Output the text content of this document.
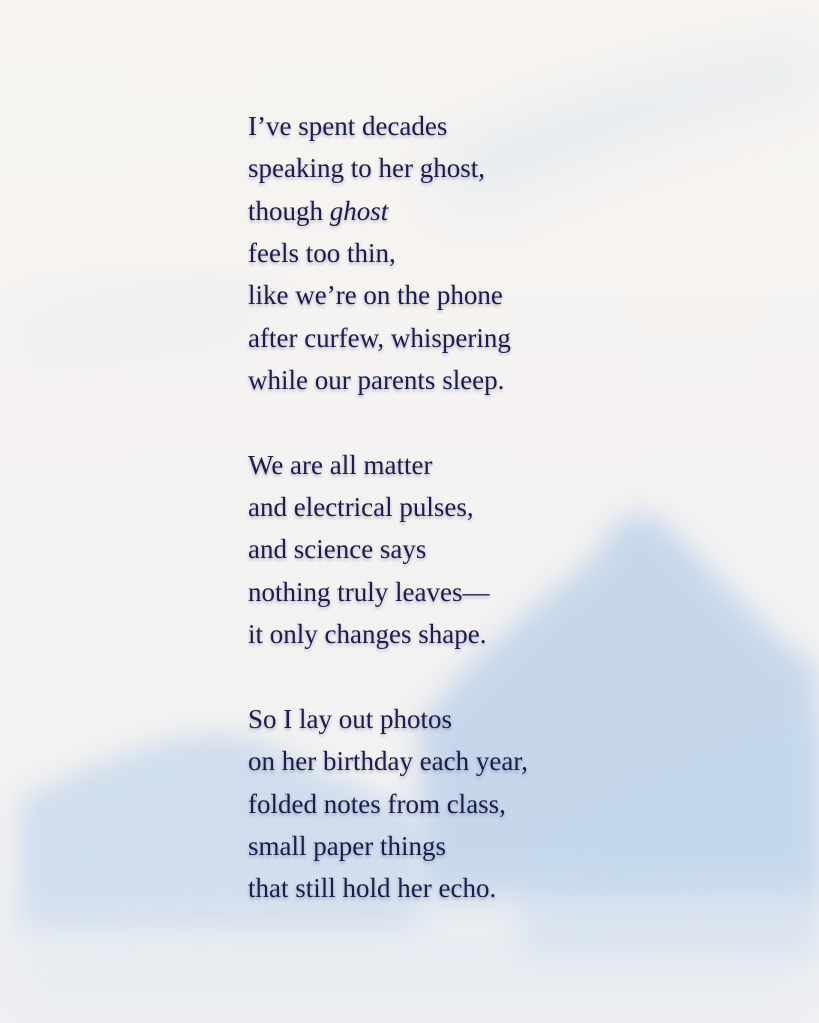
I’ve spent decades
speaking to her ghost,
though ghost
feels too thin,
like we’re on the phone
after curfew, whispering
while our parents sleep.
We are all matter
and electrical pulses,
and science says
nothing truly leaves—
it only changes shape.
So I lay out photos
on her birthday each year,
folded notes from class,
small paper things
that still hold her echo.
